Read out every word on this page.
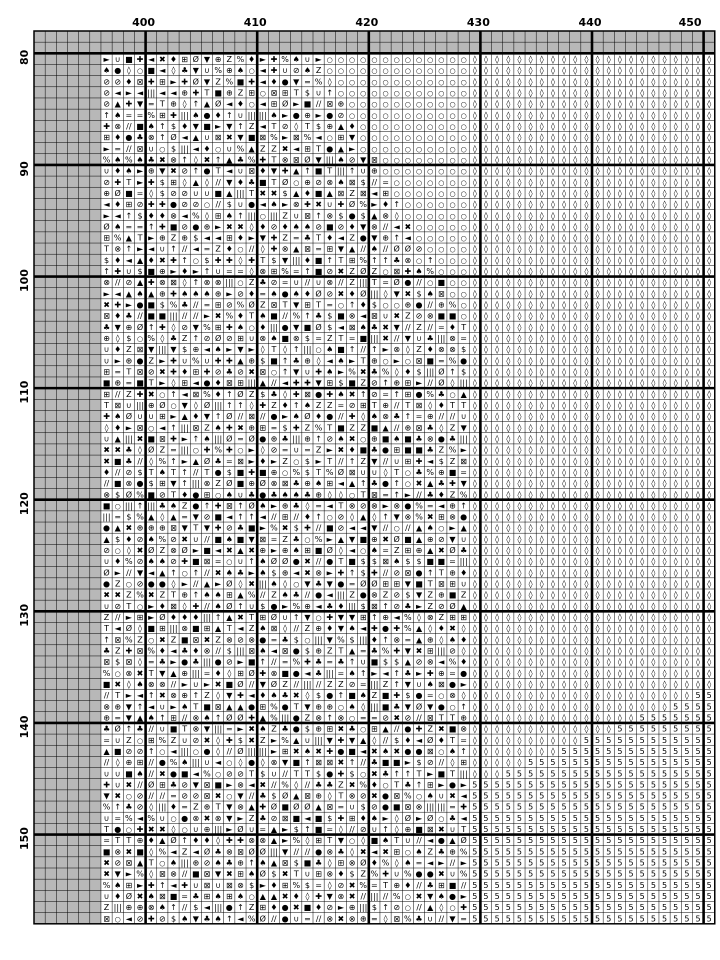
► ∪ ■ ✚ ◄ ✖ ♦ ⊞ Ø ▼ ⊕ Z % ♦ ► ✚ % ♠ ∪ ► ○ ○ ○ ○ ○ ○ ○ ○ ○ ○ ○ ○ ○ ◊ ◊ ◊ ◊ ◊ ◊ ◊ ◊ ◊ ◊ ◊ ◊ ◊ ◊ ◊ ◊ ◊ ◊ ◊ ◊ ◊ ◊
♠ ● ◊ ○ ■ ◄ ◊ ♣ ▼ ∪ % ⊕ ♠ ○ ◄ ✚ ∪ ⊘ ♠ Z ○ ○ ○ ○ ○ ○ ○ ○ ○ ○ ○ ○ ○ ◊ ◊ ◊ ◊ ◊ ◊ ◊ ◊ ◊ ◊ ◊ ◊ ◊ ◊ ◊ ◊ ◊ ◊ ◊ ◊ ◊ ◊
⊘ ⊘ ♦ ⊠ ✚ ⊞ ► ✚ Ø ▼ Z % ■ ✚ ◄ ♦ ● ▼ = % ◊ ○ ○ ○ ○ ○ ○ ○ ○ ○ ○ ○ ○ ◊ ◊ ◊ ◊ ◊ ◊ ◊ ◊ ◊ ◊ ◊ ◊ ◊ ◊ ◊ ◊ ◊ ◊ ◊ ◊ ◊ ◊
⊘ ◄ ► ◄ ||| ◄ ◄ ⊕ ✚ T ■ ⊕ Z ⊞ ○ ⊠ ⊞ T $ ∪ ↑ ○ ○ ○ ○ ○ ○ ○ ○ ○ ○ ○ ○ ◊ ◊ ◊ ◊ ◊ ◊ ◊ ◊ ◊ ◊ ◊ ◊ ◊ ◊ ◊ ◊ ◊ ◊ ◊ ◊ ◊ ◊
⊘ ▲ ✚ ▼ = T ⊕ ◊ ↑ ▲ Ø ◄ ♦ ○ ◄ ⊞ Ø ► ■ // ⊠ ⊕ ○ ○ ○ ○ ○ ○ ○ ○ ○ ○ ○ ◊ ◊ ◊ ◊ ◊ ◊ ◊ ◊ ◊ ◊ ◊ ◊ ◊ ◊ ◊ ◊ ◊ ◊ ◊ ◊ ◊ ◊
↑ ♠ = = % ⊞ ✚ ||| ♠ ● ♦ ↑ ∪ ||| ||| ♠ ► ● ⊕ ► ● ⊘ ○ ○ ○ ○ ○ ○ ○ ○ ○ ○ ○ ◊ ◊ ◊ ◊ ◊ ◊ ◊ ◊ ◊ ◊ ◊ ◊ ◊ ◊ ◊ ◊ ◊ ◊ ◊ ◊ ◊ ◊
✚ ⊗ // ■ ♠ ↑ $ ♦ ▼ ■ ► ▼ ↑ Z ◄ T ⊘ ◊ T $ ⊕ ▲ ♦ ○ ○ ○ ○ ○ ○ ○ ○ ○ ○ ◊ ◊ ◊ ◊ ◊ ◊ ◊ ◊ ◊ ◊ ◊ ◊ ◊ ◊ ◊ ◊ ◊ ◊ ◊ ◊ ◊ ◊
⊞ ♦ ● ♣ ⊗ ↑ Ø ◄ ▲ ∪ ⊠ ✖ ▼ ■ ⊠ % ► ⊠ % ◄ ○ ⊞ ▼ ○ ○ ○ ○ ○ ○ ○ ○ ○ ○ ◊ ◊ ◊ ◊ ◊ ◊ ◊ ◊ ◊ ◊ ◊ ◊ ◊ ◊ ◊ ◊ ◊ ◊ ◊ ◊ ◊ ◊
► = // ⊠ ∪ ○ $ ||| ◄ ♦ ○ ∪ % ▲ Z Z ✖ ◄ ⊞ T ● ▲ ► ○ ○ ○ ○ ○ ○ ○ ○ ○ ○ ◊ ◊ ◊ ◊ ◊ ◊ ◊ ◊ ◊ ◊ ◊ ◊ ◊ ◊ ◊ ◊ ◊ ◊ ◊ ◊ ◊ ◊
% ♠ % ♠ ♣ ✖ ⊗ ↑ ◊ ✖ ↑ ▲ ♣ % ✚ T ⊗ ⊠ Ø ▼ ||| ♠ ⊘ ▼ ⊠ ○ ○ ○ ○ ○ ○ ○ ○ ◊ ◊ ◊ ◊ ◊ ◊ ◊ ◊ ◊ ◊ ◊ ◊ ◊ ◊ ◊ ◊ ◊ ◊ ◊ ◊ ◊ ◊
∪ ♦ ♠ ► ⊕ ▼ ✖ ⊘ ↑ ● T ◄ ∪ ⊠ ♦ ▼ ✚ ▲ ↑ ■ T ||| ↑ ∪ ⊕ ○ ○ ○ ○ ○ ○ ○ ○ ◊ ◊ ◊ ◊ ◊ ◊ ◊ ◊ ◊ ◊ ◊ ◊ ◊ ◊ ◊ ◊ ◊ ◊ ◊ ◊ ◊ ◊
⊘ ✚ T ► ✚ $ ⊞ ◊ ▲ ◊ // ▼ ♦ ♣ ■ T Ø ○ ⊕ ⊘ ⊗ ♠ ⊠ $ // = ○ ○ ○ ○ ○ ○ ○ ◊ ◊ ◊ ◊ ◊ ◊ ◊ ◊ ◊ ◊ ◊ ◊ ◊ ◊ ◊ ◊ ◊ ◊ ◊ ◊ ◊ ◊
⊕ Ø ■ = ◊ $ ⊘ ⊘ ∪ ∪ ■ ▲ ||| T ✖ ✖ $ ▲ ♦ ■ ▲ ⊠ Z ⊠ ◄ ⊞ ○ ○ ○ ○ ○ ○ ○ ◊ ◊ ◊ ◊ ◊ ◊ ◊ ◊ ◊ ◊ ◊ ◊ ◊ ◊ ◊ ◊ ◊ ◊ ◊ ◊ ◊ ◊
◄ ♦ ⊞ ⊘ ✚ ✚ ● ⊘ ⊘ ○ // $ ∪ ● ◄ ♠ ► ⊗ ✚ ✖ ∪ ✚ Ø % ► ♦ ↑ ○ ○ ○ ○ ○ ○ ◊ ◊ ◊ ◊ ◊ ◊ ◊ ◊ ◊ ◊ ◊ ◊ ◊ ◊ ◊ ◊ ◊ ◊ ◊ ◊ ◊ ◊
► ◄ ↑ $ ♦ ♦ ⊗ ◄ % ◊ ⊞ ♠ ↑ ||| ○ ||| Z ∪ ⊠ ↑ ⊗ $ ● $ ▲ ⊗ ◊ ○ ○ ○ ○ ○ ○ ◊ ◊ ◊ ◊ ◊ ◊ ◊ ◊ ◊ ◊ ◊ ◊ ◊ ◊ ◊ ◊ ◊ ◊ ◊ ◊ ◊ ◊
Ø ♠ = = ↑ ✚ ■ ⊘ ● ⊕ ► ✖ ✖ ◊ ♦ ⊘ ♦ ♠ ♠ ⊘ ■ ⊘ ♦ ▼ ⊗ // ◄ ✖ ○ ○ ○ ○ ○ ◊ ◊ ◊ ◊ ◊ ◊ ◊ ◊ ◊ ◊ ◊ ◊ ◊ ◊ ◊ ◊ ◊ ◊ ◊ ◊ ◊ ◊
⊞ % ▲ T ► ⊕ Z ⊕ $ ◄ ◄ ⊞ ♦ ► ▼ ✚ Z = ♣ T ♦ ◄ Z ● ▼ ⊕ ↑ ◄ ○ ○ ○ ○ ○ ◊ ◊ ◊ ◊ ◊ ◊ ◊ ◊ ◊ ◊ ◊ ◊ ◊ ◊ ◊ ◊ ◊ ◊ ◊ ◊ ◊ ◊
T ⊗ ↑ ► ◄ ∪ ↑ // ◄ = Z ♦ ○ // ◊ ✚ ⊗ ▲ ⊠ = ⊞ ▼ ▲ // ♠ // Ø Ø ⊘ ○ ○ ○ ○ ◊ ◊ ◊ ◊ ◊ ◊ ◊ ◊ ◊ ◊ ◊ ◊ ◊ ◊ ◊ ◊ ◊ ◊ ◊ ◊ ◊ ◊
$ ♦ ◄ ▲ ♦ ✖ ✚ ↑ ○ $ ✚ ✚ ◊ ✚ T $ ▼ ||| ♦ ■ ↑ T ⊞ % ↑ ↑ ♣ ⊗ ○ ↑ ○ ○ ○ ◊ ◊ ◊ ◊ ◊ ◊ ◊ ◊ ◊ ◊ ◊ ◊ ◊ ◊ ◊ ◊ ◊ ◊ ◊ ◊ ◊ ◊
↑ ✚ ∪ $ ■ ⊕ ► ♦ ► ↑ ∪ = = ◊ ⊗ ⊞ % = ↑ ■ ⊘ ✖ Z Ø Z ○ ⊠ ✚ ♠ % ○ ○ ○ ◊ ◊ ◊ ◊ ◊ ◊ ◊ ◊ ◊ ◊ ◊ ◊ ◊ ◊ ◊ ◊ ◊ ◊ ◊ ◊ ◊ ◊
⊗ // ⊘ ▲ ✚ ⊗ ⊠ ◊ ↑ ⊗ ⊗ ||| ○ Z ♣ ⊘ = ∪ // ∪ ⊗ // Z ||| T = Ø ● // ○ ■ ○ ○ ◊ ◊ ◊ ◊ ◊ ◊ ◊ ◊ ◊ ◊ ◊ ◊ ◊ ◊ ◊ ◊ ◊ ◊ ◊ ◊ ◊ ◊
► ◄ ▲ ♠ ▲ ⊕ ✚ ♠ ♠ ♠ ⊕ ► ⊘ ♦ = ♠ ● ♠ ♦ Ø ⊘ ✖ ♦ Ø ||| ◊ ▼ ✖ $ ♠ ⊠ ○ ○ ◊ ◊ ◊ ◊ ◊ ◊ ◊ ◊ ◊ ◊ ◊ ◊ ◊ ◊ ◊ ◊ ◊ ◊ ◊ ◊ ◊ ◊
✖ ✚ ► ● ■ $ % ♣ // = ⊞ ⊘ % Ø Z ⊠ T ▼ ⊞ T = ○ ↑ ♦ $ ○ ○ ⊕ ● // ⊕ % ○ ◊ ◊ ◊ ◊ ◊ ◊ ◊ ◊ ◊ ◊ ◊ ◊ ◊ ◊ ◊ ◊ ◊ ◊ ◊ ◊ ◊ ◊
⊠ ♦ ♣ // ■ ■ ||| // // ► ✖ % ♦ T ♠ ■ // % ↑ ♣ $ ■ ⊗ ◄ ⊠ ∪ ✖ Z ⊘ ⊗ ■ ■ ○ ◊ ◊ ◊ ◊ ◊ ◊ ◊ ◊ ◊ ◊ ◊ ◊ ◊ ◊ ◊ ◊ ◊ ◊ ◊ ◊ ◊ ◊
♣ ▼ ⊕ Ø ↑ ✚ ◊ ⊘ ▼ % ⊞ ✚ ♠ ○ ♦ ||| ● ▼ ■ Ø $ ◄ ⊠ ♠ ♣ ✖ ▼ // Z // = ♦ T ◊ ◊ ◊ ◊ ◊ ◊ ◊ ◊ ◊ ◊ ◊ ◊ ◊ ◊ ◊ ◊ ◊ ◊ ◊ ◊ ◊ ◊
⊕ ◊ $ ○ % ◊ ♣ Z ↑ ⊘ Ø ⊘ ⊞ ∪ ⊗ ♠ ■ ⊗ $ = Z T = ■ ||| ✖ // ▼ ∪ ♣ ||| ⊗ = ◊ ◊ ◊ ◊ ◊ ◊ ◊ ◊ ◊ ◊ ◊ ◊ ◊ ◊ ◊ ◊ ◊ ◊ ◊ ◊ ◊ ◊
∪ ♦ Z ⊠ ▼ ||| ▼ $ ⊕ ◄ ♠ ► ▼ ► ◊ T ◊ ↑ ||| ○ ♠ ■ ↑ // ↑ ► ⊗ ◊ Z ♦ ⊗ ⊗ $ ◊ ◊ ◊ ◊ ◊ ◊ ◊ ◊ ◊ ◊ ◊ ◊ ◊ ◊ ◊ ◊ ◊ ◊ ◊ ◊ ◊ ◊
∪ ► ⊕ ● Z ► ✚ ∪ % ∪ ✚ ✚ ▲ ⊕ $ ■ ↑ ♣ ⊕ ◊ ◄ ♠ ► T ⊕ ○ ► ○ ⊠ ■ = % ● ◊ ◊ ◊ ◊ ◊ ◊ ◊ ◊ ◊ ◊ ◊ ◊ ◊ ◊ ◊ ◊ ◊ ◊ ◊ ◊ ◊ ◊
⊞ = T ⊠ ⊘ ✖ ✚ ♦ ⊞ ✚ ⊘ ♣ ⊘ ✖ ⊠ ○ ↑ ▼ ∪ ✚ ♠ ► % ✖ ♣ % ◊ ♦ $ ||| Ø ↑ $ ◊ ◊ ◊ ◊ ◊ ◊ ◊ ◊ ◊ ◊ ◊ ◊ ◊ ◊ ◊ ◊ ◊ ◊ ◊ ◊ ◊ ◊
■ ⊕ = ■ T ► ◊ ⊞ ◄ ● ♦ ⊠ ⊞ ||| ▲ // ◄ ✚ ✚ ▼ ⊞ $ ■ Z ⊘ ↑ ⊕ ⊞ ► // Ø ◊ ||| ◊ ◊ ◊ ◊ ◊ ◊ ◊ ◊ ◊ ◊ ◊ ◊ ◊ ◊ ◊ ◊ ◊ ◊ ◊ ◊ ◊ ◊
⊞ // Z ✚ ✖ ○ ↑ ◄ ⊠ % ♦ ↑ Ø Z $ ♣ ◊ ✚ ⊠ ● ✚ ♠ ✖ ↑ ⊘ = ↑ ⊞ ● % ♣ ○ ▲ ◊ ◊ ◊ ◊ ◊ ◊ ◊ ◊ ◊ ◊ ◊ ◊ ◊ ◊ ◊ ◊ ◊ ◊ ◊ ◊ ◊ ◊
T ⊠ ∪ ||| ⊕ Ø ○ ▼ ◊ Ø ||| ↑ ↑ ◊ ✚ Z ♦ ↑ ♠ Z Z = ⊘ ⊞ T ⊕ // T ⊠ ◊ ♦ T T ◊ ◊ ◊ ◊ ◊ ◊ ◊ ◊ ◊ ◊ ◊ ◊ ◊ ◊ ◊ ◊ ◊ ◊ ◊ ◊ ◊ ◊
✚ ♠ Ø ∪ ∪ ⊞ ► ▲ ♦ ▼ ↑ Ø // ⊠ // ● ► ♠ Ø ♦ ● // ✚ ◊ ♠ ⊗ ♣ ↑ = ⊕ // // ∪ ◊ ◊ ◊ ◊ ◊ ◊ ◊ ◊ ◊ ◊ ◊ ◊ ◊ ◊ ◊ ◊ ◊ ◊ ◊ ◊ ◊ ◊
◊ ♦ ► ⊠ ○ ◄ ↑ ||| ⊠ Z ♠ ✚ ✖ ⊕ ⊞ = $ ✚ Z % T ■ Z Z ■ ▲ // ⊕ ⊠ ♣ ◊ Z ▼ ◊ ◊ ◊ ◊ ◊ ◊ ◊ ◊ ◊ ◊ ◊ ◊ ◊ ◊ ◊ ◊ ◊ ◊ ◊ ◊ ◊ ◊
∪ ▲ ||| ✖ ■ ⊠ ✚ ► ↑ ♠ ||| Ø = Ø ● ⊕ ♣ ||| ⊕ ↑ ⊘ ♠ ✖ ○ ⊕ ■ ♠ ■ ♣ ⊗ ● ♣ ||| ◊ ◊ ◊ ◊ ◊ ◊ ◊ ◊ ◊ ◊ ◊ ◊ ◊ ◊ ◊ ◊ ◊ ◊ ◊ ◊ ◊ ◊
✖ ✖ ♣ ◊ Ø Z = ||| ○ ✚ % ✚ ○ ► ◊ ⊘ = ∪ = Z ► ✖ ♦ ■ ♣ ● ⊞ ■ ■ ♣ Z % ► ◊ ◊ ◊ ◊ ◊ ◊ ◊ ◊ ◊ ◊ ◊ ◊ ◊ ◊ ◊ ◊ ◊ ◊ ◊ ◊ ◊ ◊
✖ ■ ♣ // ◊ % ↑ ► ▲ Ø ♣ = ⊠ ► ♦ ► Z ○ $ ► T // ↑ Z ▼ // ∪ ⊞ ✚ ◄ $ Z ⊠ ◊ ◊ ◊ ◊ ◊ ◊ ◊ ◊ ◊ ◊ ◊ ◊ ◊ ◊ ◊ ◊ ◊ ◊ ◊ ◊ ◊ ◊
♦ // ⊘ $ T ♠ T ↑ // T ● $ ■ ✚ ■ ⊕ ○ % $ T % Ø ⊠ ∪ ∪ ◊ T ○ ♣ % ⊕ ■ = ◊ ◊ ◊ ◊ ◊ ◊ ◊ ◊ ◊ ◊ ◊ ◊ ◊ ◊ ◊ ◊ ◊ ◊ ◊ ◊ ◊ ◊
// ■ ⊗ ● $ ⊞ ▼ ↑ ||| ⊗ Z Ø ■ ⊕ Ø ⊗ ⊠ ♣ ⊕ ♠ ⊞ ◄ ▲ ↑ ♣ ● ↑ ○ ✖ ▲ ♣ ✚ ▼ ◊ ◊ ◊ ◊ ◊ ◊ ◊ ◊ ◊ ◊ ◊ ◊ ◊ ◊ ◊ ◊ ◊ ◊ ◊ ◊ ◊ ◊
⊗ $ Ø % ■ ⊘ T ♦ ● ⊞ ○ ♠ ∪ ♣ ● ♣ ♠ ♠ ♣ ⊕ ◊ ◊ ○ T ⊠ = ↑ ► // ♣ ♦ Z % ◊ ◊ ◊ ◊ ◊ ◊ ◊ ◊ ◊ ◊ ◊ ◊ ◊ ◊ ◊ ◊ ◊ ◊ ◊ ◊ ◊ ◊
■ ○ ||| ↑ ||| ♣ ♠ Z ● ↑ ✚ ⊠ ↑ Ø ♠ ► ⊕ ♣ ◊ = ◄ T ⊗ ⊘ ⊗ ► ⊗ ● % = ◄ ⊕ ↑ ◊ ◊ ◊ ◊ ◊ ◊ ◊ ◊ ◊ ◊ ◊ ◊ ◊ ◊ ◊ ◊ ◊ ◊ ◊ ◊ ◊ ◊
||| = $ % ▲ ◊ ▲ = ▼ ⊘ ■ ◄ ↑ ↑ ◄ // ⊞ // ♦ ↑ ○ ⊘ ◊ ▲ ◊ ↑ ▼ ⊗ % ✖ ⊞ ⊗ ● ◊ ◊ ◊ ◊ ◊ ◊ ◊ ◊ ◊ ◊ ◊ ◊ ◊ ◊ ◊ ◊ ◊ ◊ ◊ ◊ ◊ ◊
● ▲ ✖ ⊕ ⊕ ⊕ ⊠ ▼ T ▼ ✚ ⊘ ♣ ■ ► % ✖ $ ✚ // ■ ⊘ ◄ ◄ ▼ // ○ // ▲ ♠ ○ ► ▲ ◊ ◊ ◊ ◊ ◊ ◊ ◊ ◊ ◊ ◊ ◊ ◊ ◊ ◊ ◊ ◊ ◊ ◊ ◊ ◊ ◊ ◊
▲ $ ♦ ⊘ ♠ % ⊘ ✖ ∪ // ■ ♠ ■ ▼ ⊠ = Z ♣ ○ % ► ▲ ▼ ■ ⊕ ✖ Ø ■ ▲ ⊕ ⊘ ▼ ∪ ◊ ◊ ◊ ◊ ◊ ◊ ◊ ◊ ◊ ◊ ◊ ◊ ◊ ◊ ◊ ◊ ◊ ◊ ◊ ◊ ◊ ◊
⊘ ○ ◊ ✖ Ø Z ⊗ Ø ► ■ ◄ ✖ ▲ ✖ ⊕ ► ⊕ ♠ ⊞ ■ Ø ◊ ◄ ○ ♠ = Z ⊞ ⊕ ▲ ✖ Ø ♣ ◊ ◊ ◊ ◊ ◊ ◊ ◊ ◊ ◊ ◊ ◊ ◊ ◊ ◊ ◊ ◊ ◊ ◊ ◊ ◊ ◊ ◊
∪ ♦ % ⊘ ♠ ♠ ⊘ ✚ ■ ⊠ = ○ ∪ ↑ ♠ Ø Ø ● ✖ // ● T ■ $ $ ⊠ ♠ $ $ ■ ■ = ||| ◊ ◊ ◊ ◊ ◊ ◊ ◊ ◊ ◊ ◊ ◊ ◊ ◊ ◊ ◊ ◊ ◊ ◊ ◊ ◊ ◊ ◊
Ø ► // ▼ ◄ ▲ ↑ ○ ↑ // ✖ ♠ ♣ ► ♠ $ ⊕ ◄ ✖ ⊗ ► ✚ ↑ $ ✚ // ⊘ ⊠ ● ↑ T ⊕ ♦ ◊ ◊ ◊ ◊ ◊ ◊ ◊ ◊ ◊ ◊ ◊ ◊ ◊ ◊ ◊ ◊ ◊ ◊ ◊ ◊ ◊ ◊
● Z ○ ⊘ ● ● ◊ ► // ▲ ► Ø ◊ ✖ ||| ♠ ◊ ○ ▼ ♣ ▼ ● = Ø Ø ⊞ ⊞ ▼ ■ T ⊠ ⊞ ∪ ◊ ◊ ◊ ◊ ◊ ◊ ◊ ◊ ◊ ◊ ◊ ◊ ◊ ◊ ◊ ◊ ◊ ◊ ◊ ◊ ◊ ◊
✖ ✖ Z % ✖ Z T ⊕ ↑ ♠ ♠ ⊞ ▲ % // Z ♠ ♣ // ● ◄ ||| Z ● ⊗ Z ⊘ $ ▼ Z ⊕ ■ Z ◊ ◊ ◊ ◊ ◊ ◊ ◊ ◊ ◊ ◊ ◊ ◊ ◊ ◊ ◊ ◊ ◊ ◊ ◊ ◊ ◊ ◊
∪ ⊘ T ○ ► ♦ ⊠ ◊ ✚ // ♠ Ø ↑ ∪ $ ● ► % ⊕ ◄ ♣ ♦ ||| $ ⊠ ↑ ⊘ ♣ ► Z ⊘ Ø ▲ ◊ ◊ ◊ ◊ ◊ ◊ ◊ ◊ ◊ ◊ ◊ ◊ ◊ ◊ ◊ ◊ ◊ ◊ ◊ ◊ ◊ ◊
Z // ► ⊞ ► Ø ♦ ♦ ♦ ||| ↑ ▲ ✖ T ⊞ Ø ∪ ↑ ▼ ○ ✚ ▼ ▼ ⊞ ↑ ⊕ ◄ % ◊ ⊗ Z ⊞ ⊞ ◊ ◊ ◊ ◊ ◊ ◊ ◊ ◊ ◊ ◊ ◊ ◊ ◊ ◊ ◊ ◊ ◊ ◊ ◊ ◊ ◊ ◊
T ◄ Ø ◊ ■ ⊞ ||| ⊗ ■ ⊞ ▲ T ◄ Z ♠ ⊠ ◊ // Z ⊕ ♦ ▼ ♠ ◄ ✚ ● ✚ % ▲ ◊ ♦ ✖ ◊ ◊ ◊ ◊ ◊ ◊ ◊ ◊ ◊ ◊ ◊ ◊ ◊ ◊ ◊ ◊ ◊ ◊ ◊ ◊ ◊ ◊ ◊
↑ ⊠ % Z ○ ✖ Z ■ ⊠ ✖ Z ⊗ ⊘ ⊗ ● = ♣ $ ○ ||| ▼ % $ ||| ♦ ↑ ⊗ = ▲ ⊕ ◊ ♠ ♦ ◊ ◊ ◊ ◊ ◊ ◊ ◊ ◊ ◊ ◊ ◊ ◊ ◊ ◊ ◊ ◊ ◊ ◊ ◊ ◊ ◊ ◊
♣ Z ✚ ⊠ % ♦ ◄ ♣ ♦ ⊗ // $ ||| ⊠ ♠ ◄ ⊠ ● $ ⊕ Z T ▲ = ♣ % ✚ ▼ ✖ ⊞ ||| ⊘ ◊ ◊ ◊ ◊ ◊ ◊ ◊ ◊ ◊ ◊ ◊ ◊ ◊ ◊ ◊ ◊ ◊ ◊ ◊ ◊ ◊ ◊ ◊
⊠ $ ⊠ ◊ = ♣ ► ● ♣ ||| ● ⊘ ► ■ ↑ // = % ✚ ♣ = ♣ ↑ ∪ ■ $ $ ▲ ⊘ ⊗ ◄ % ♦ ◊ ◊ ◊ ◊ ◊ ◊ ◊ ◊ ◊ ◊ ◊ ◊ ◊ ◊ ◊ ◊ ◊ ◊ ◊ ◊ ◊ ◊
% ○ ⊗ ✖ T ▼ ▲ ⊕ ||| = ♦ ◊ ⊞ Ø ✚ ⊗ ■ ● ◄ ♣ ||| = ♠ ↑ ► ◄ ↑ ♣ ► ✚ ⊕ = ● ◊ ◊ ◊ ◊ ◊ ◊ ◊ ◊ ◊ ◊ ◊ ◊ ◊ ◊ ◊ ◊ ◊ ◊ ◊ ◊ ◊ ◊
■ ✖ ◊ ♠ ⊗ ⊗ // ► ∪ ► ✖ ■ Ø // ▼ Ø Z // ||| // Z Z ⊘ = ||| Z ↑ ▼ ∪ ♠ ⊠ ● ► ◊ ◊ ◊ ◊ ◊ ◊ ◊ ◊ ◊ ◊ ◊ ◊ ◊ ◊ ◊ ◊ ◊ ◊ ◊ ◊ ◊ ◊
// T ► ◄ ↑ ✖ ⊗ ⊕ ↑ Z ◊ ▼ ✚ ◄ ♦ ♠ ♣ ✖ ◊ $ ● ↑ ■ ♠ Z ■ ✚ $ ● = ○ ⊗ ◊ ◊ ◊ ◊ ◊ ◊ ◊ ◊ ◊ ◊ ◊ ◊ ◊ ◊ ◊ ◊ ◊ ◊ ◊ ◊ ◊ 5 5
⊗ ⊕ ▼ ↑ ◄ ∪ ► ♠ T ■ ⊠ ▲ ▲ ● ⊞ % ● T ▼ ⊕ ⊕ ○ ♠ ◊ ||| ■ ♣ ▼ Ø ▼ ● ○ ↑ ◊ ◊ ◊ ◊ ◊ ◊ ◊ ◊ ◊ ◊ ◊ ◊ ◊ ◊ ◊ ◊ ◊ ◊ 5 5 5 5
⊕ = ▼ ▲ ♠ ↑ ⊞ // ⊗ ♠ ↑ Ø Ø ✚ ▲ % ||| ● Z ⊗ ↑ ⊗ ○ = = ⊘ ✖ ⊘ // ⊠ T T ⊕ ◊ ◊ ◊ ◊ ◊ ◊ ◊ ◊ ◊ ◊ ◊ ◊ ◊ ◊ ◊ 5 5 5 5 5 5 5
♣ Ø ↑ ♣ // ∪ ■ T ⊗ ▼ ||| = ► ✖ ♠ Z ♣ ● $ ⊕ ⊞ ✖ ♣ ○ ⊞ ▲ // ● ✚ Z ✖ ■ ⊗ ◊ ◊ ◊ ◊ ◊ ◊ ◊ ◊ ◊ ◊ ◊ ◊ ◊ 5 5 5 5 5 5 5 5 5
= ∪ Z ○ ⊞ % Z ∪ ⊘ ✖ ◊ ✚ $ ✖ Z ► % ▲ ∪ ||| ▼ ✚ ▼ ▲ ◊ // $ ♦ ◄ Ø ♦ T = ◊ ◊ ◊ ◊ ◊ ◊ ◊ ◊ ◊ ◊ 5 5 5 5 5 5 5 5 5 5 5 5
▲ ■ ⊘ ⊘ ↑ ○ ◄ ||| ○ ● ◊ // Ø ||| ||| ► ⊞ ✖ ♠ ✖ ✚ ● ■ ◄ ✖ ♠ ✖ ● ● ⊠ ○ ♠ ↑ ◊ ◊ ◊ ◊ ◊ ◊ ◊ ◊ 5 5 5 5 5 5 5 5 5 5 5 5 5 5
// ◊ ⊕ ⊞ // ● % ♠ ||| ∪ ◄ ○ ◊ ● ◊ ⊗ ▼ ■ ↑ ⊠ ⊠ ✖ ↑ // ♣ ■ ■ ► $ ⊘ // ◊ ⊞ ◊ ◊ ◊ ◊ ◊ 5 5 5 5 5 5 5 5 5 5 5 5 5 5 5 5 5
∪ ∪ ■ ♠ // ✖ ● ■ ◄ % ○ ⊘ ⊘ T $ ∪ // T T $ ● ✚ $ ○ ✖ ♣ ↑ ↑ T ► ■ T ||| ◊ ◊ ◊ 5 5 5 5 5 5 5 5 5 5 5 5 5 5 5 5 5 5 5
✚ ∪ ✖ // Ø ⊞ ♣ ⊘ ▼ ⊠ ■ ► ⊗ ◄ ✖ // % ◊ // ♣ ♣ Z ✖ % ♦ ○ T ♣ ↑ ⊞ ► ● ► 5 5 5 5 5 5 5 5 5 5 5 5 5 5 5 5 5 5 5 5 5 5
▼ ✖ ○ ⊘ // // = ⊘ ⊘ ⊠ ✖ ○ ▼ // ♣ $ Ø ▲ ⊠ ⊕ ◊ T ⊗ ⊘ ✖ ● ⊠ % ○ ♠ ∪ ✖ ◄ 5 5 5 5 5 5 5 5 5 5 5 5 5 5 5 5 5 5 5 5 5 5
% ↑ ♣ ⊘ ◊ ||| ♦ = Z ⊕ T ▼ ⊗ ▲ ✚ Ø ■ Ø Ø ▲ ⊠ = ∪ $ ⊘ ● ■ ⊠ ⊗ ||| ||| = ✚ 5 5 5 5 5 5 5 5 5 5 5 5 5 5 5 5 5 5 5 5 5 5
∪ = % ◄ % ∪ ○ ● ⊗ ✖ ⊗ ▼ ► Z ♣ ⊘ ⊠ ■ ◄ ■ $ ✚ ⊞ ♦ ♠ ► ◊ Ø ► Ø ○ ♣ ◄ 5 5 5 5 5 5 5 5 5 5 5 5 5 5 5 5 5 5 5 5 5 5
T ● ○ ✚ ✖ ✖ ◊ ○ ∪ ⊕ ||| ► Ø ∪ = ▲ ► $ ↑ ■ = ◊ // ⊘ ∪ ↑ ◊ ⊕ ■ ⊠ ✖ ∪ T 5 5 5 5 5 5 5 5 5 5 5 5 5 5 5 5 5 5 5 5 5 5
= T T ⊕ ♦ ▲ Ø ↑ ♦ ♦ ◊ ✚ ✚ ⊗ ⊗ ▲ ► % ◊ ⊞ T ▼ ○ ◊ ■ ♠ T ∪ // ◄ ● ▲ Ø 5 5 5 5 5 5 5 5 5 5 5 5 5 5 5 5 5 5 5 5 5 5
■ ⊗ ✖ ■ ◊ % ◄ Z ◄ Ø ♣ ⊗ ⊠ Ø Ø ||| ▼ // // ● ⊗ ♣ ◊ ✖ ◄ ✖ ⊞ ○ ♠ Z ♣ ⊕ % 5 5 5 5 5 5 5 5 5 5 5 5 5 5 5 5 5 5 5 5 5 5
✖ ⊘ ⊠ ▲ T ○ ♠ ||| ⊕ ⊘ ♠ ♣ ⊕ ↑ ♠ ▲ ⊠ $ ■ ♣ ◊ ⊞ ⊗ Ø ♦ % ◊ ♠ = ◄ ► // ► 5 5 5 5 5 5 5 5 5 5 5 5 5 5 5 5 5 5 5 5 5 5
✖ ▼ ► % ◊ ⊠ ⊗ // ■ ⊠ ▼ ✖ ⊞ ♠ Ø $ ✖ T ∪ ⊞ ⊗ ♦ $ Z % ✚ ∪ % ● ● ✖ ∪ % 5 5 5 5 5 5 5 5 5 5 5 5 5 5 5 5 5 5 5 5 5 5
% ♠ ⊞ ► ✚ ↑ ◄ ✚ ∪ ⊠ ∪ ⊠ ⊗ $ ► ♦ ⊞ % $ = ◊ ⊘ ✖ % = T ⊕ ♦ // ♣ ⊞ ■ // 5 5 5 5 5 5 5 5 5 5 5 5 5 5 5 5 5 5 5 5 5 5
∪ ♦ Ø ✖ ♠ ⊠ ■ = ♣ ⊞ ♠ ⊞ ♠ ○ ▲ ▲ ✖ ♦ ◊ ✚ ▼ ⊗ ✖ // ||| // % ○ ✖ ▼ ♠ ● ► 5 5 5 5 5 5 5 5 5 5 5 5 5 5 5 5 5 5 5 5 5 5
Z ||| ⊕ ⊕ ⊗ ♠ ↑ // $ ◄ ||| ● ↑ Z ⊞ ♦ ● ✖ ■ ♦ ⊘ ► ⊕ ||| $ ↑ ⊘ ○ // ▲ ◊ ○ ✚ 5 5 5 5 5 5 5 5 5 5 5 5 5 5 5 5 5 5 5 5 5 5
⊠ ○ ◄ ⊘ ✚ ⊘ $ ♠ ▼ ♣ ♠ ↑ ◄ % Ø // ● ∪ = // ⊗ ✖ ⊗ ⊕ = ◊ ⊠ % ♣ ∪ // ▼ = 5 5 5 5 5 5 5 5 5 5 5 5 5 5 5 5 5 5 5 5 5 5
400	410	420	430	440	450
80
90
100
110
120
130
140
150
